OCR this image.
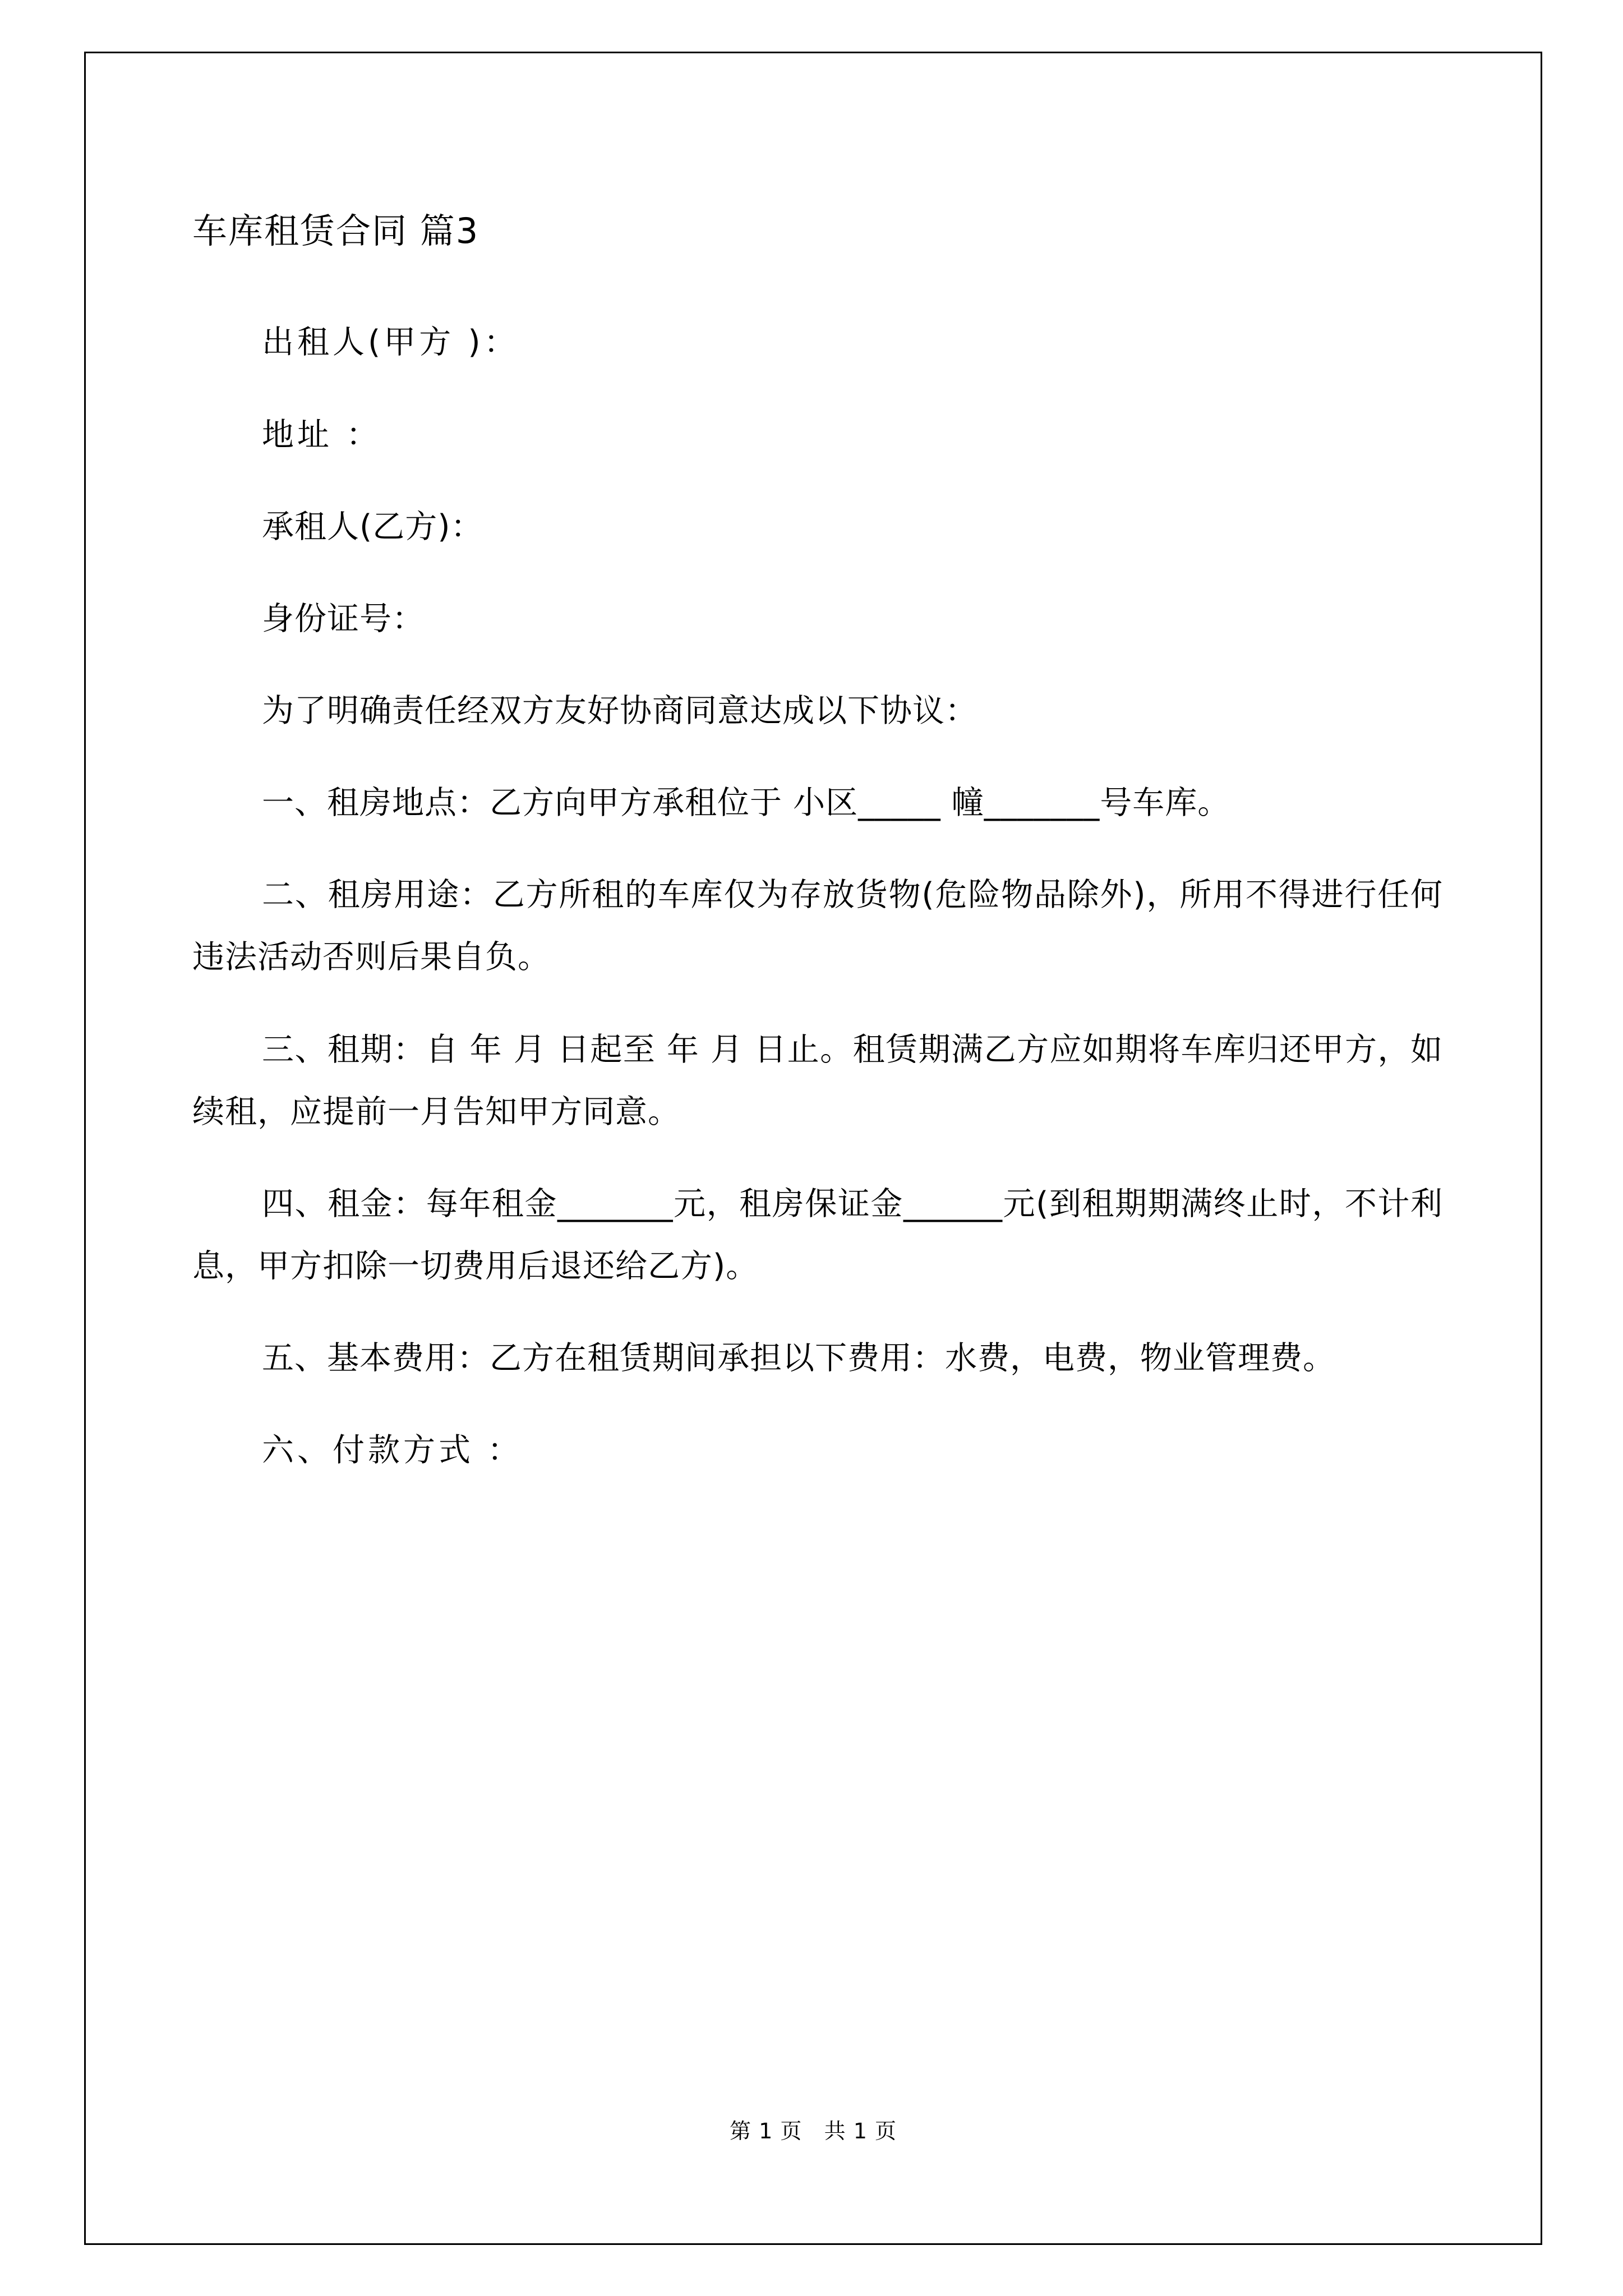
车库租赁合同 篇3

出租人(甲方 )：

地址 ：

承租人(乙方)：

身份证号：

为了明确责任经双方友好协商同意达成以下协议：

一、租房地点：乙方向甲方承租位于 小区_____ 幢_______号车库。

二、租房用途：乙方所租的车库仅为存放货物(危险物品除外)，所用不得进行任何违法活动否则后果自负。

三、租期：自 年 月 日起至 年 月 日止。租赁期满乙方应如期将车库归还甲方，如续租，应提前一月告知甲方同意。

四、租金：每年租金_______元，租房保证金______元(到租期期满终止时，不计利息，甲方扣除一切费用后退还给乙方)。

五、基本费用：乙方在租赁期间承担以下费用：水费，电费，物业管理费。

六、付款方式 ：

第 1 页 共 1 页
